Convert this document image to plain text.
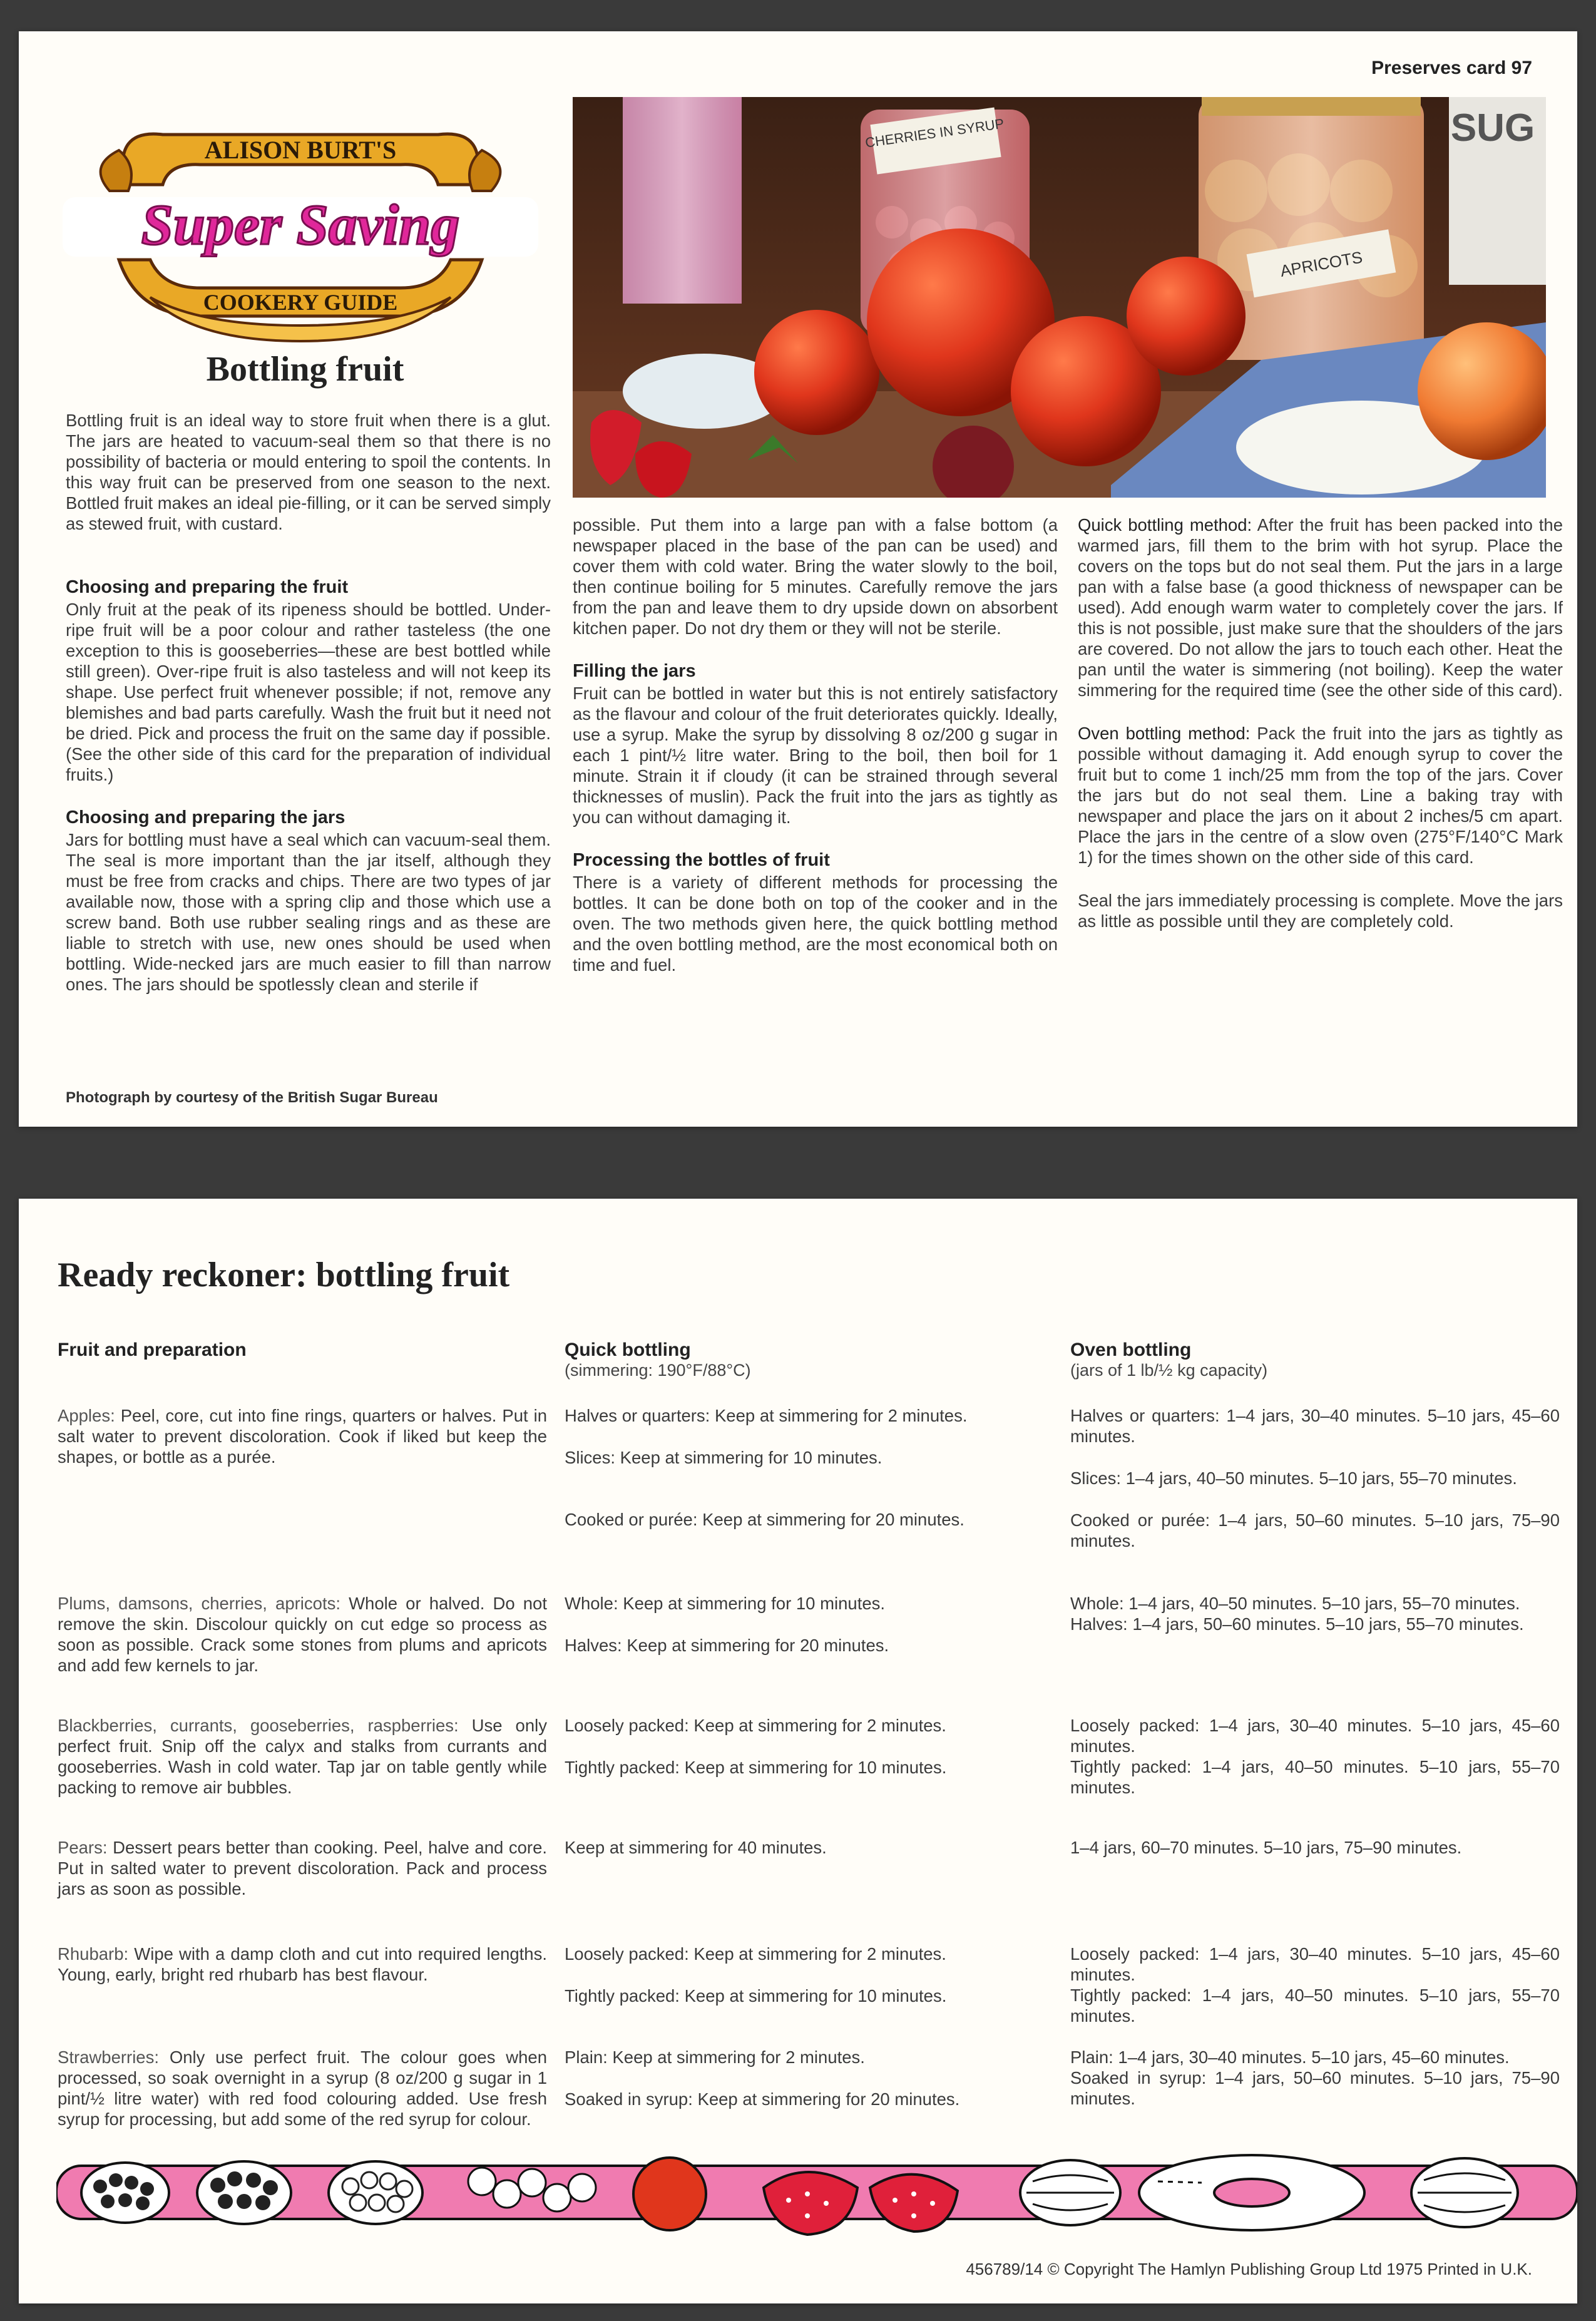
Preserves card 97
ALISON BURT'S
COOKERY GUIDE
Super Saving
Bottling fruit

Bottling fruit is an ideal way to store fruit when there is a glut. The jars are heated to vacuum-seal them so that there is no possibility of bacteria or mould entering to spoil the contents. In this way fruit can be preserved from one season to the next. Bottled fruit makes an ideal pie-filling, or it can be served simply as stewed fruit, with custard.

Choosing and preparing the fruit

Only fruit at the peak of its ripeness should be bottled. Under-ripe fruit will be a poor colour and rather tasteless (the one exception to this is gooseberries—these are best bottled while still green). Over-ripe fruit is also tasteless and will not keep its shape. Use perfect fruit whenever possible; if not, remove any blemishes and bad parts carefully. Wash the fruit but it need not be dried. Pick and process the fruit on the same day if possible. (See the other side of this card for the preparation of individual fruits.)

Choosing and preparing the jars

Jars for bottling must have a seal which can vacuum-seal them. The seal is more important than the jar itself, although they must be free from cracks and chips. There are two types of jar available now, those with a spring clip and those which use a screw band. Both use rubber sealing rings and as these are liable to stretch with use, new ones should be used when bottling. Wide-necked jars are much easier to fill than narrow ones. The jars should be spotlessly clean and sterile if

CHERRIES IN SYRUP
APRICOTS
SUG

possible. Put them into a large pan with a false bottom (a newspaper placed in the base of the pan can be used) and cover them with cold water. Bring the water slowly to the boil, then continue boiling for 5 minutes. Carefully remove the jars from the pan and leave them to dry upside down on absorbent kitchen paper. Do not dry them or they will not be sterile.

Filling the jars

Fruit can be bottled in water but this is not entirely satisfactory as the flavour and colour of the fruit deteriorates quickly. Ideally, use a syrup. Make the syrup by dissolving 8 oz/200 g sugar in each 1 pint/½ litre water. Bring to the boil, then boil for 1 minute. Strain it if cloudy (it can be strained through several thicknesses of muslin). Pack the fruit into the jars as tightly as you can without damaging it.

Processing the bottles of fruit

There is a variety of different methods for processing the bottles. It can be done both on top of the cooker and in the oven. The two methods given here, the quick bottling method and the oven bottling method, are the most economical both on time and fuel.

Quick bottling method: After the fruit has been packed into the warmed jars, fill them to the brim with hot syrup. Place the covers on the tops but do not seal them. Put the jars in a large pan with a false base (a good thickness of newspaper can be used). Add enough warm water to completely cover the jars. If this is not possible, just make sure that the shoulders of the jars are covered. Do not allow the jars to touch each other. Heat the pan until the water is simmering (not boiling). Keep the water simmering for the required time (see the other side of this card).

Oven bottling method: Pack the fruit into the jars as tightly as possible without damaging it. Add enough syrup to cover the fruit but to come 1 inch/25 mm from the top of the jars. Cover the jars but do not seal them. Line a baking tray with newspaper and place the jars on it about 2 inches/5 cm apart. Place the jars in the centre of a slow oven (275°F/140°C Mark 1) for the times shown on the other side of this card.

Seal the jars immediately processing is complete. Move the jars as little as possible until they are completely cold.

Photograph by courtesy of the British Sugar Bureau
Ready reckoner: bottling fruit
Fruit and preparation	Quick bottling
(simmering: 190°F/88°C)
Oven bottling
(jars of 1 lb/½ kg capacity)

Apples: Peel, core, cut into fine rings, quarters or halves. Put in salt water to prevent discoloration. Cook if liked but keep the shapes, or bottle as a purée.

Halves or quarters: Keep at simmering for 2 minutes.

Slices: Keep at simmering for 10 minutes.

Cooked or purée: Keep at simmering for 20 minutes.

Halves or quarters: 1–4 jars, 30–40 minutes. 5–10 jars, 45–60 minutes.

Slices: 1–4 jars, 40–50 minutes. 5–10 jars, 55–70 minutes.

Cooked or purée: 1–4 jars, 50–60 minutes. 5–10 jars, 75–90 minutes.

Plums, damsons, cherries, apricots: Whole or halved. Do not remove the skin. Discolour quickly on cut edge so process as soon as possible. Crack some stones from plums and apricots and add few kernels to jar.

Whole: Keep at simmering for 10 minutes.

Halves: Keep at simmering for 20 minutes.

Whole: 1–4 jars, 40–50 minutes. 5–10 jars, 55–70 minutes.

Halves: 1–4 jars, 50–60 minutes. 5–10 jars, 55–70 minutes.

Blackberries, currants, gooseberries, raspberries: Use only perfect fruit. Snip off the calyx and stalks from currants and gooseberries. Wash in cold water. Tap jar on table gently while packing to remove air bubbles.

Loosely packed: Keep at simmering for 2 minutes.

Tightly packed: Keep at simmering for 10 minutes.

Loosely packed: 1–4 jars, 30–40 minutes. 5–10 jars, 45–60 minutes.

Tightly packed: 1–4 jars, 40–50 minutes. 5–10 jars, 55–70 minutes.

Pears: Dessert pears better than cooking. Peel, halve and core. Put in salted water to prevent discoloration. Pack and process jars as soon as possible.

Keep at simmering for 40 minutes.	1–4 jars, 60–70 minutes. 5–10 jars, 75–90 minutes.

Rhubarb: Wipe with a damp cloth and cut into required lengths. Young, early, bright red rhubarb has best flavour.

Loosely packed: Keep at simmering for 2 minutes.

Tightly packed: Keep at simmering for 10 minutes.

Loosely packed: 1–4 jars, 30–40 minutes. 5–10 jars, 45–60 minutes.

Tightly packed: 1–4 jars, 40–50 minutes. 5–10 jars, 55–70 minutes.

Strawberries: Only use perfect fruit. The colour goes when processed, so soak overnight in a syrup (8 oz/200 g sugar in 1 pint/½ litre water) with red food colouring added. Use fresh syrup for processing, but add some of the red syrup for colour.

Plain: Keep at simmering for 2 minutes.

Soaked in syrup: Keep at simmering for 20 minutes.

Plain: 1–4 jars, 30–40 minutes. 5–10 jars, 45–60 minutes.

Soaked in syrup: 1–4 jars, 50–60 minutes. 5–10 jars, 75–90 minutes.

456789/14 © Copyright The Hamlyn Publishing Group Ltd 1975 Printed in U.K.
